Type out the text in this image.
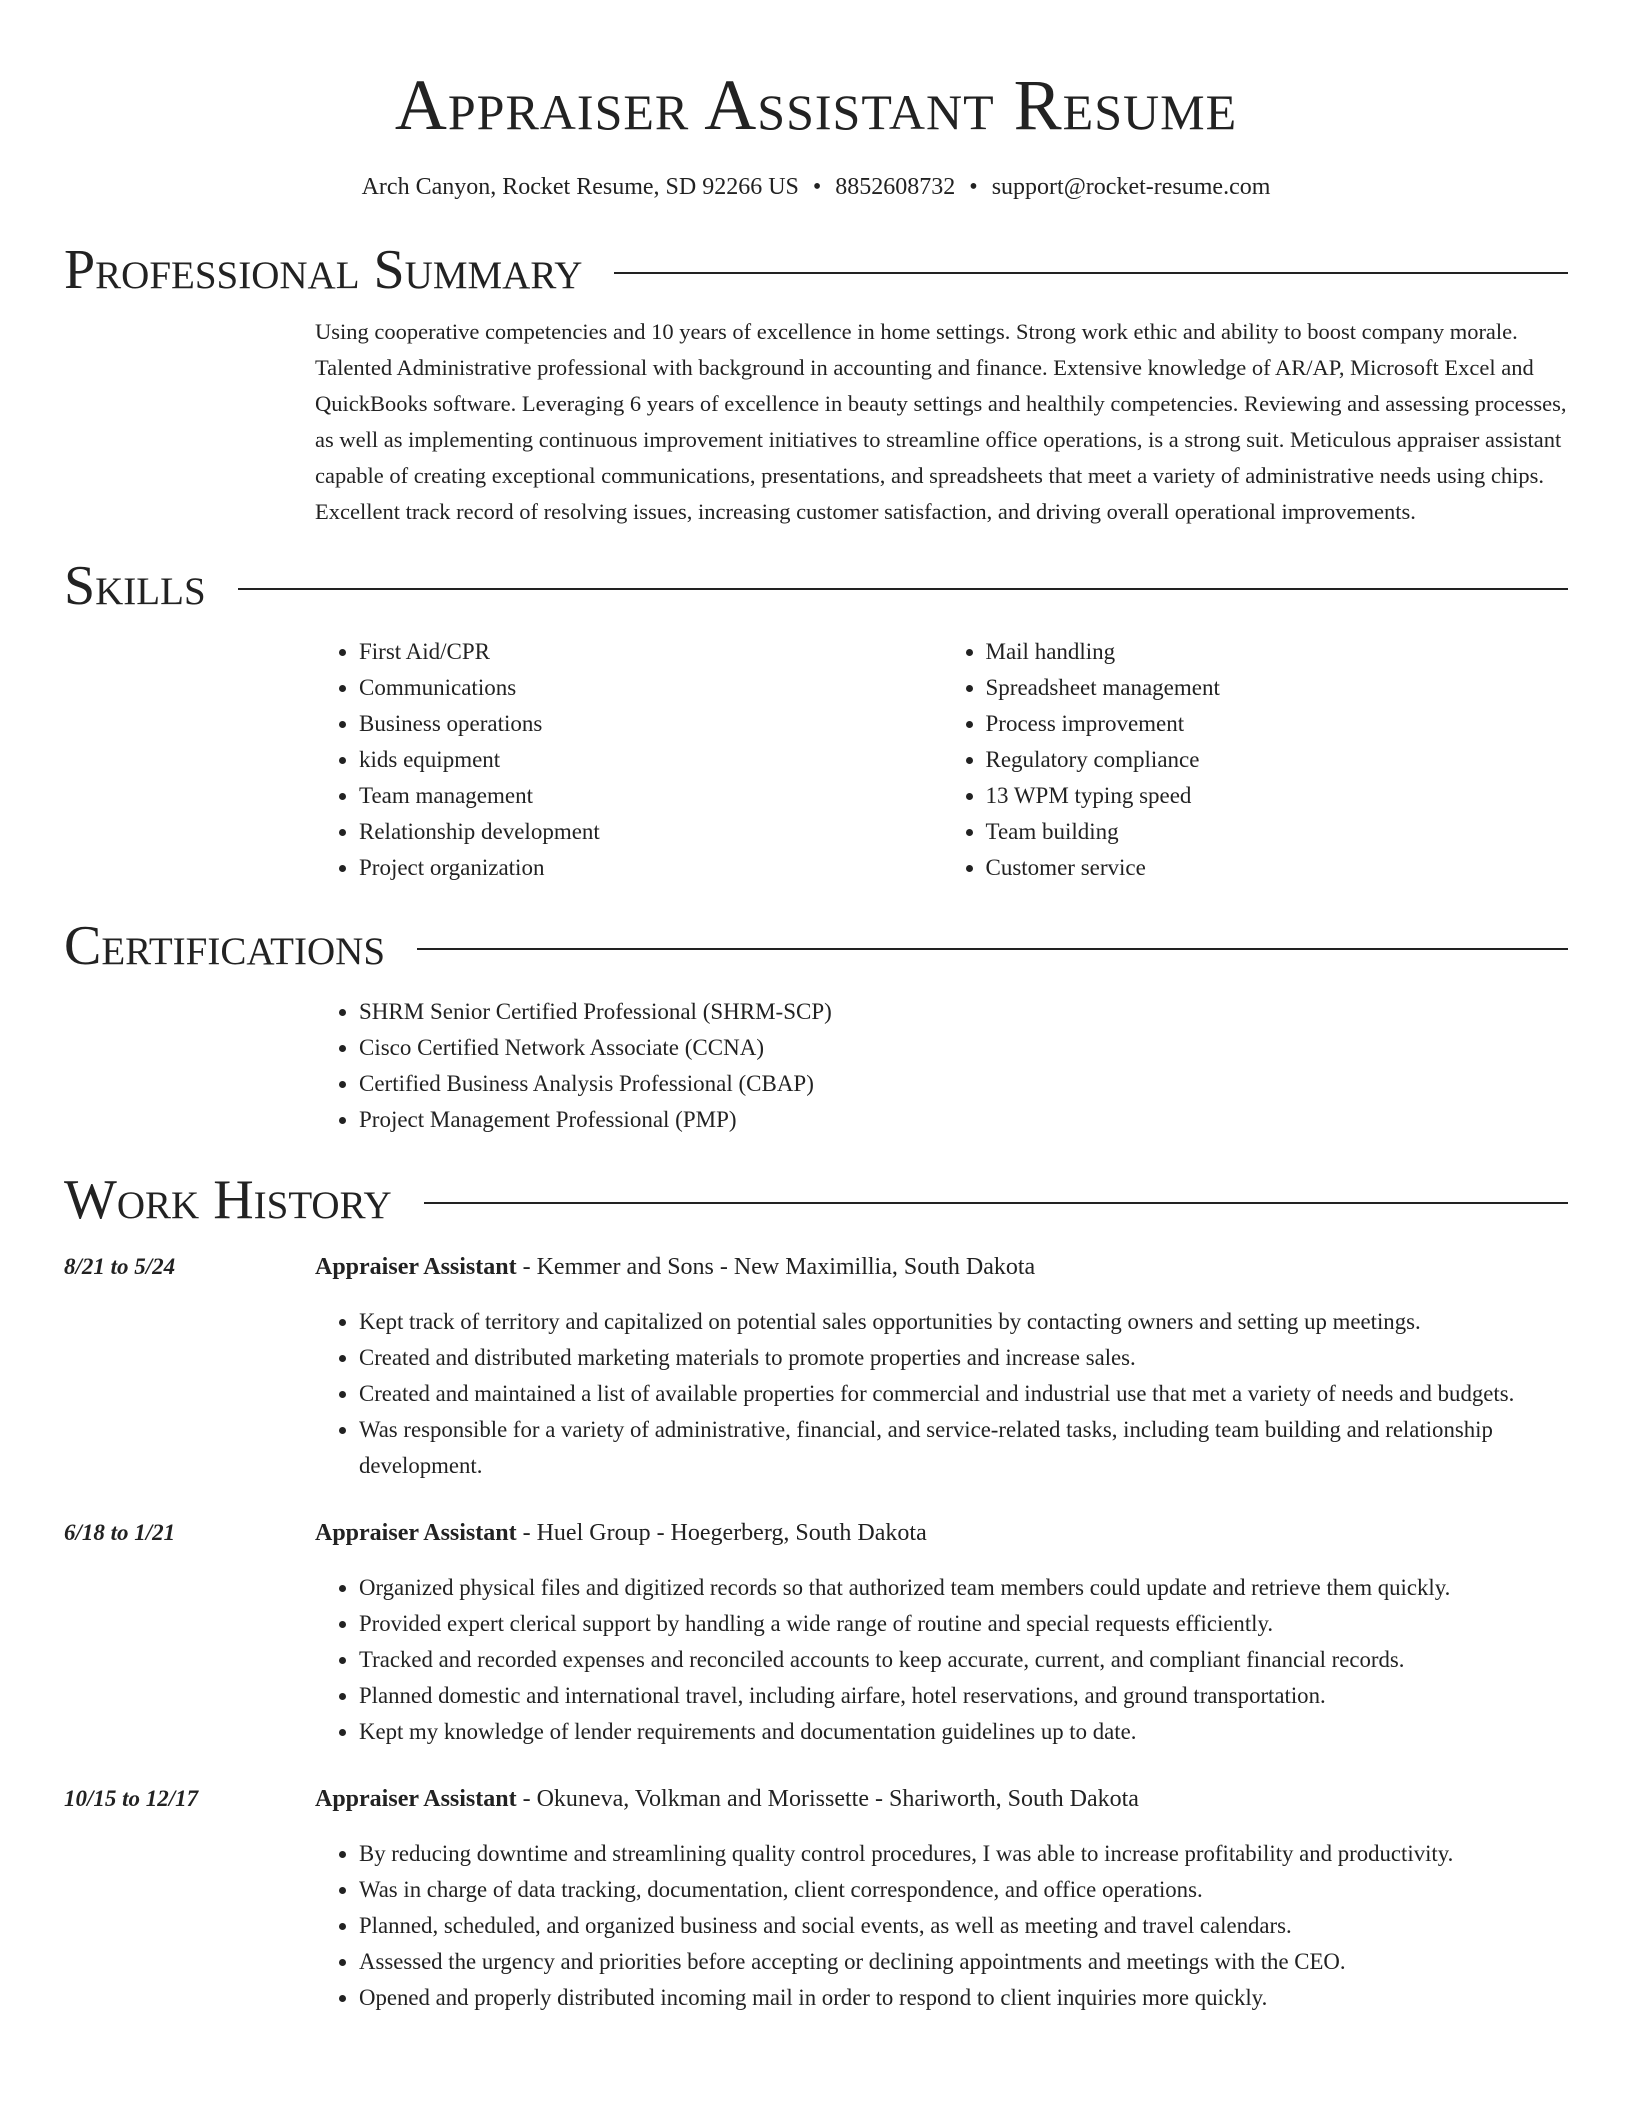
Appraiser Assistant Resume
Arch Canyon, Rocket Resume, SD 92266 US • 8852608732 • support@rocket-resume.com
Professional Summary

Using cooperative competencies and 10 years of excellence in home settings. Strong work ethic and ability to boost company morale. Talented Administrative professional with background in accounting and finance. Extensive knowledge of AR/AP, Microsoft Excel and QuickBooks software. Leveraging 6 years of excellence in beauty settings and healthily competencies. Reviewing and assessing processes, as well as implementing continuous improvement initiatives to streamline office operations, is a strong suit. Meticulous appraiser assistant capable of creating exceptional communications, presentations, and spreadsheets that meet a variety of administrative needs using chips. Excellent track record of resolving issues, increasing customer satisfaction, and driving overall operational improvements.

Skills
• First Aid/CPR
• Communications
• Business operations
• kids equipment
• Team management
• Relationship development
• Project organization
• Mail handling
• Spreadsheet management
• Process improvement
• Regulatory compliance
• 13 WPM typing speed
• Team building
• Customer service
Certifications
• SHRM Senior Certified Professional (SHRM-SCP)
• Cisco Certified Network Associate (CCNA)
• Certified Business Analysis Professional (CBAP)
• Project Management Professional (PMP)
Work History
8/21 to 5/24	Appraiser Assistant - Kemmer and Sons - New Maximillia, South Dakota
• Kept track of territory and capitalized on potential sales opportunities by contacting owners and setting up meetings.
• Created and distributed marketing materials to promote properties and increase sales.
• Created and maintained a list of available properties for commercial and industrial use that met a variety of needs and budgets.
• Was responsible for a variety of administrative, financial, and service-related tasks, including team building and relationship development.
6/18 to 1/21	Appraiser Assistant - Huel Group - Hoegerberg, South Dakota
• Organized physical files and digitized records so that authorized team members could update and retrieve them quickly.
• Provided expert clerical support by handling a wide range of routine and special requests efficiently.
• Tracked and recorded expenses and reconciled accounts to keep accurate, current, and compliant financial records.
• Planned domestic and international travel, including airfare, hotel reservations, and ground transportation.
• Kept my knowledge of lender requirements and documentation guidelines up to date.
10/15 to 12/17	Appraiser Assistant - Okuneva, Volkman and Morissette - Shariworth, South Dakota
• By reducing downtime and streamlining quality control procedures, I was able to increase profitability and productivity.
• Was in charge of data tracking, documentation, client correspondence, and office operations.
• Planned, scheduled, and organized business and social events, as well as meeting and travel calendars.
• Assessed the urgency and priorities before accepting or declining appointments and meetings with the CEO.
• Opened and properly distributed incoming mail in order to respond to client inquiries more quickly.
